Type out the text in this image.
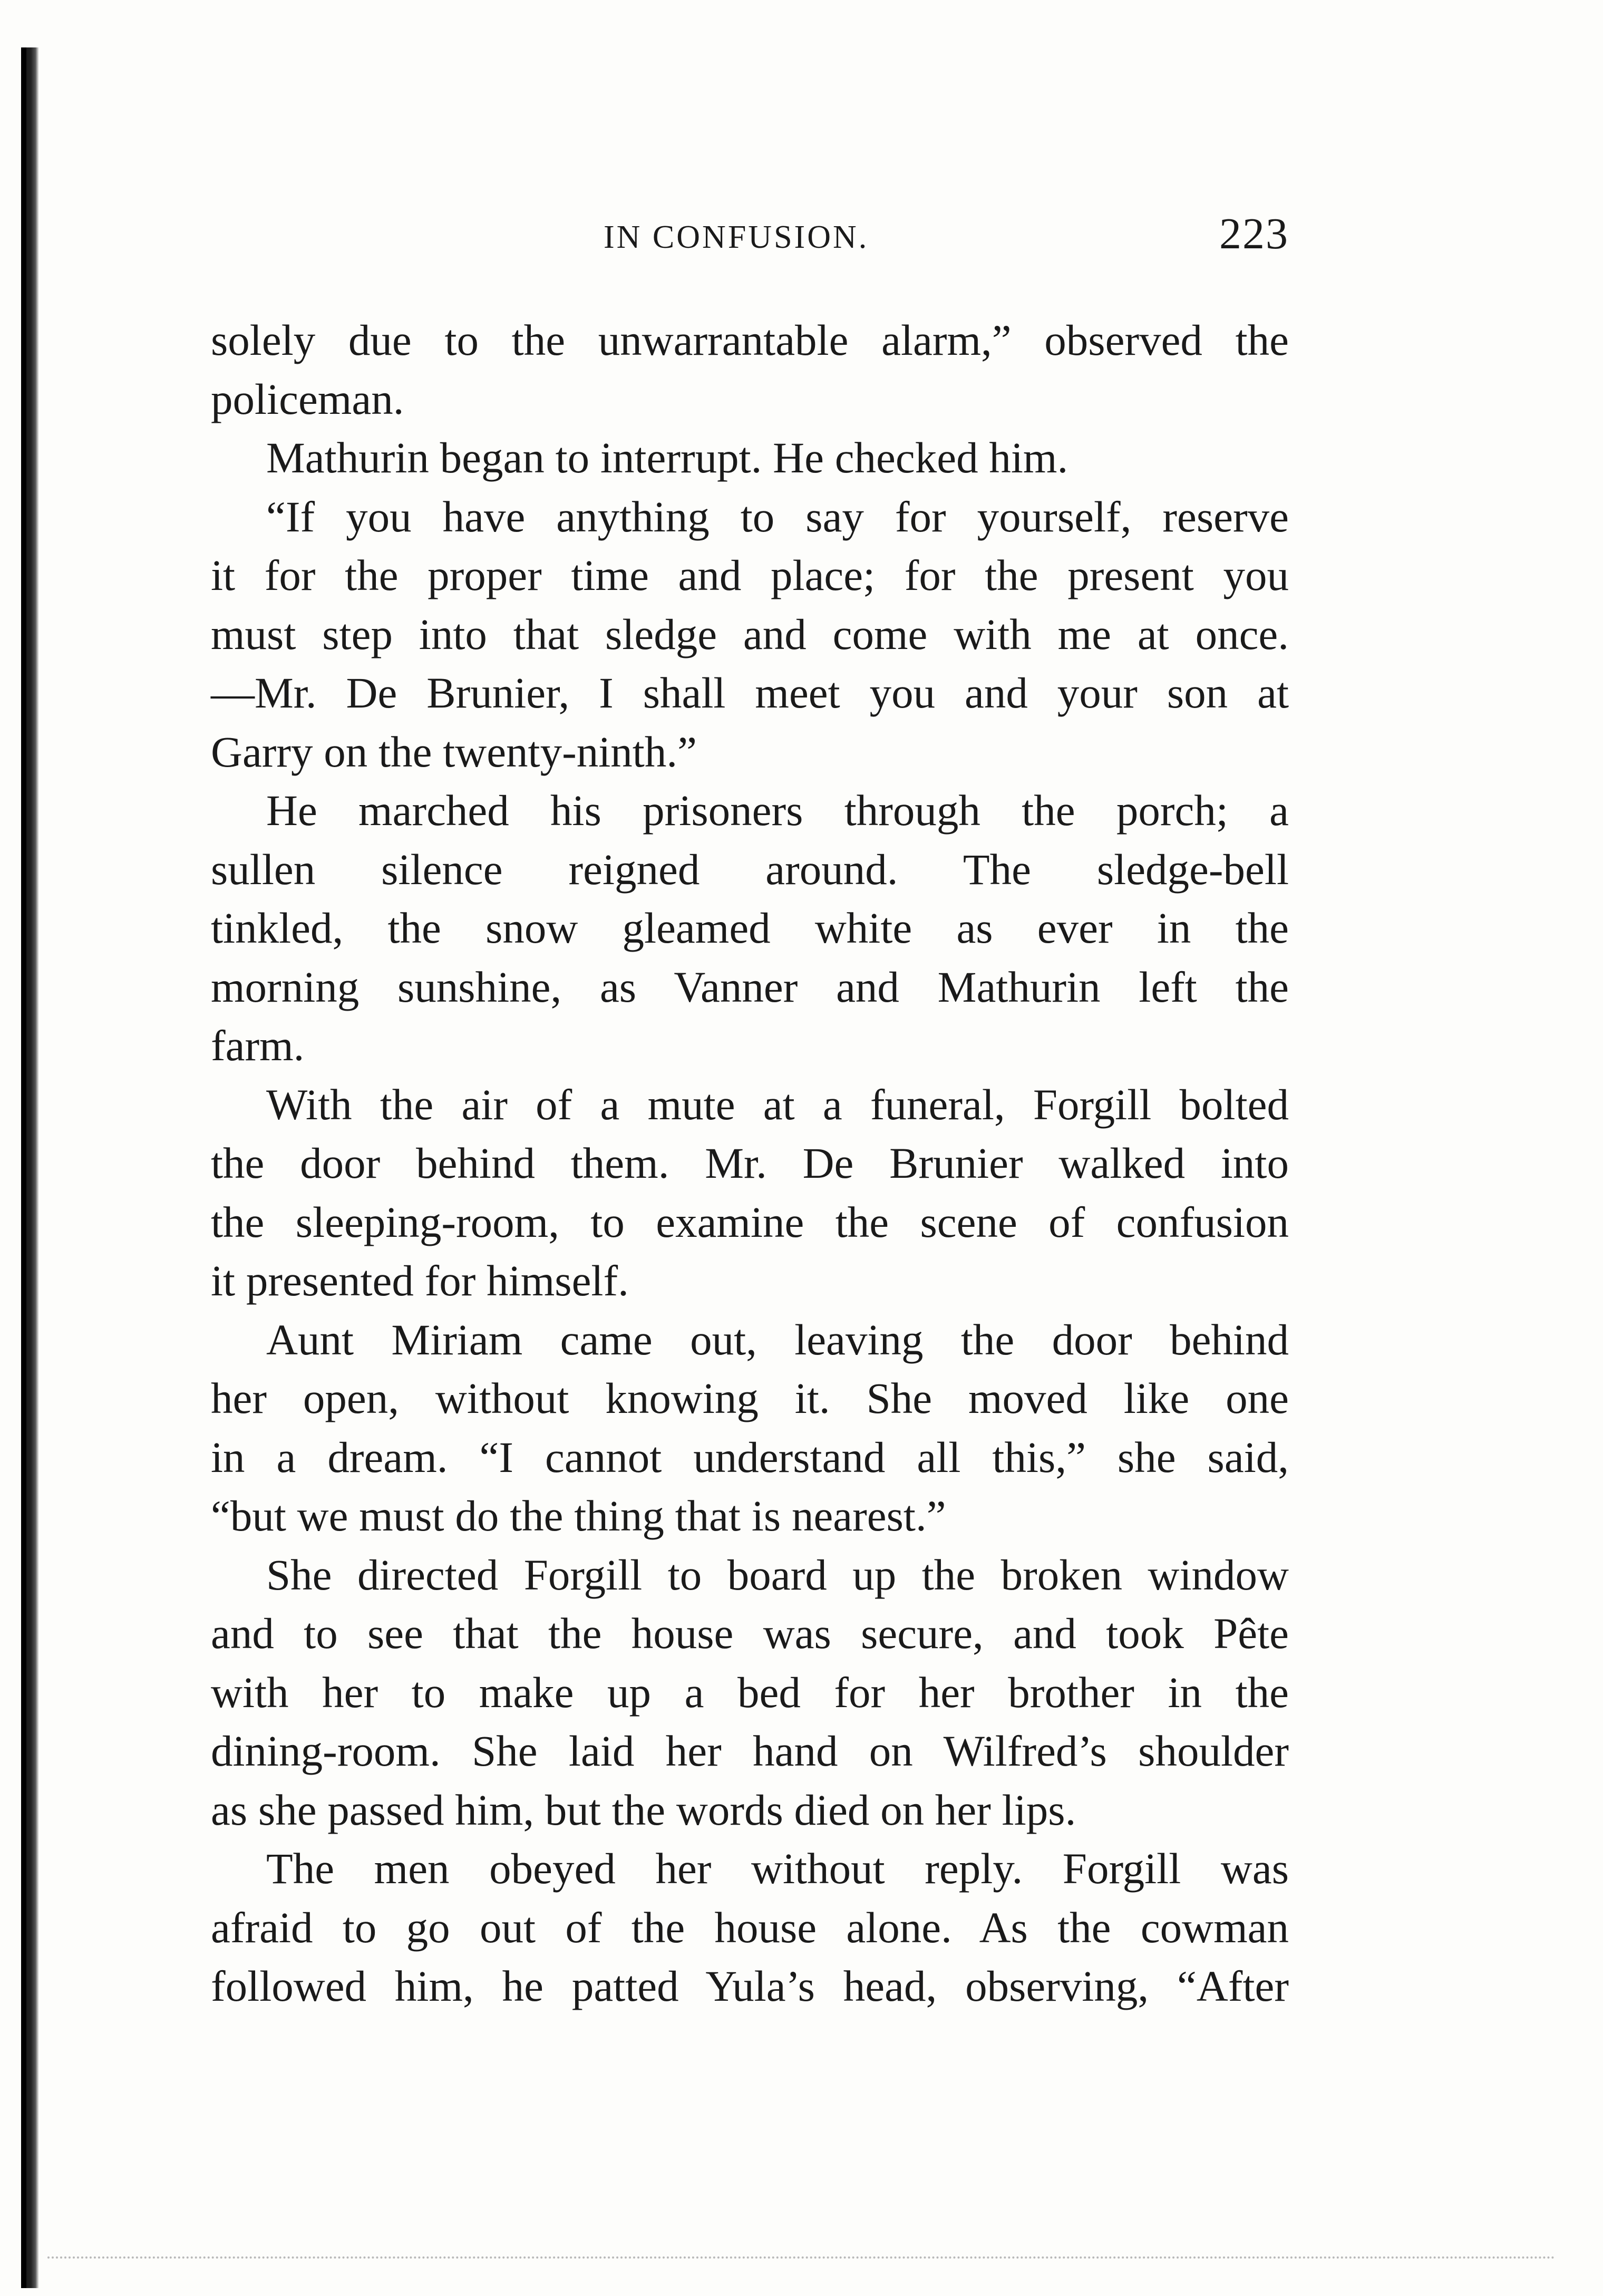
IN CONFUSION.	223
solely due to the unwarrantable alarm,” observed the
policeman.
Mathurin began to interrupt. He checked him.
“If you have anything to say for yourself, reserve
it for the proper time and place; for the present you
must step into that sledge and come with me at once.
—Mr. De Brunier, I shall meet you and your son at
Garry on the twenty-ninth.”
He marched his prisoners through the porch; a
sullen silence reigned around. The sledge-bell
tinkled, the snow gleamed white as ever in the
morning sunshine, as Vanner and Mathurin left the
farm.
With the air of a mute at a funeral, Forgill bolted
the door behind them. Mr. De Brunier walked into
the sleeping-room, to examine the scene of confusion
it presented for himself.
Aunt Miriam came out, leaving the door behind
her open, without knowing it. She moved like one
in a dream. “I cannot understand all this,” she said,
“but we must do the thing that is nearest.”
She directed Forgill to board up the broken window
and to see that the house was secure, and took Pête
with her to make up a bed for her brother in the
dining-room. She laid her hand on Wilfred’s shoulder
as she passed him, but the words died on her lips.
The men obeyed her without reply. Forgill was
afraid to go out of the house alone. As the cowman
followed him, he patted Yula’s head, observing, “After
